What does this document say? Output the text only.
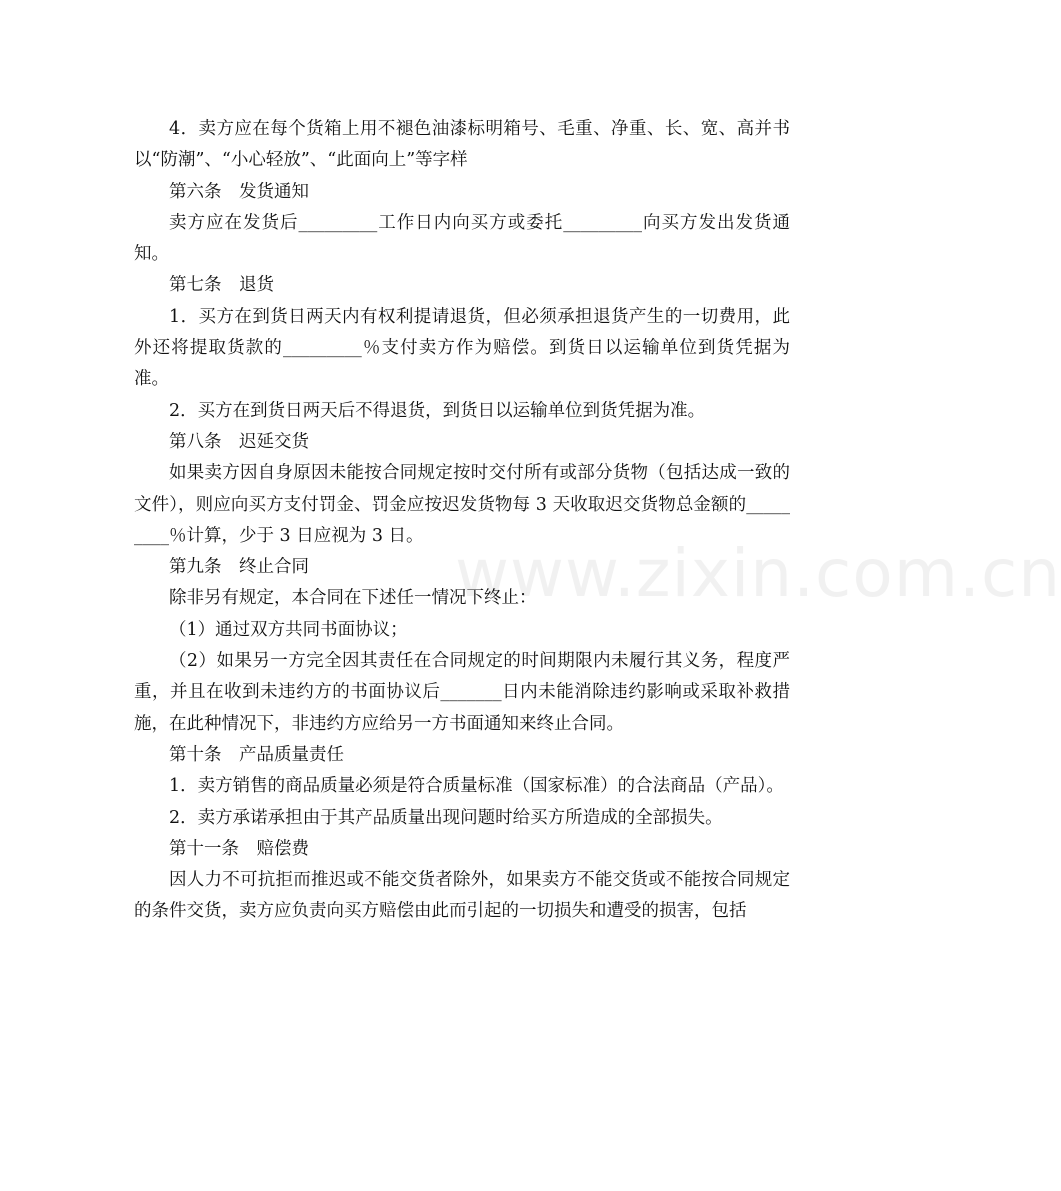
www.zixin.com.cn

4．卖方应在每个货箱上用不褪色油漆标明箱号、毛重、净重、长、宽、高并书以“防潮”、“小心轻放”、“此面向上”等字样

第六条　发货通知

卖方应在发货后_________工作日内向买方或委托_________向买方发出发货通知。

第七条　退货

1．买方在到货日两天内有权利提请退货，但必须承担退货产生的一切费用，此外还将提取货款的_________％支付卖方作为赔偿。到货日以运输单位到货凭据为准。

2．买方在到货日两天后不得退货，到货日以运输单位到货凭据为准。

第八条　迟延交货

如果卖方因自身原因未能按合同规定按时交付所有或部分货物（包括达成一致的文件），则应向买方支付罚金、罚金应按迟发货物每 3 天收取迟交货物总金额的_________％计算，少于 3 日应视为 3 日。

第九条　终止合同

除非另有规定，本合同在下述任一情况下终止：

（1）通过双方共同书面协议；

（2）如果另一方完全因其责任在合同规定的时间期限内未履行其义务，程度严重，并且在收到未违约方的书面协议后_______日内未能消除违约影响或采取补救措施，在此种情况下，非违约方应给另一方书面通知来终止合同。

第十条　产品质量责任

1．卖方销售的商品质量必须是符合质量标准（国家标准）的合法商品（产品）。

2．卖方承诺承担由于其产品质量出现问题时给买方所造成的全部损失。

第十一条　赔偿费

因人力不可抗拒而推迟或不能交货者除外，如果卖方不能交货或不能按合同规定的条件交货，卖方应负责向买方赔偿由此而引起的一切损失和遭受的损害，包括
